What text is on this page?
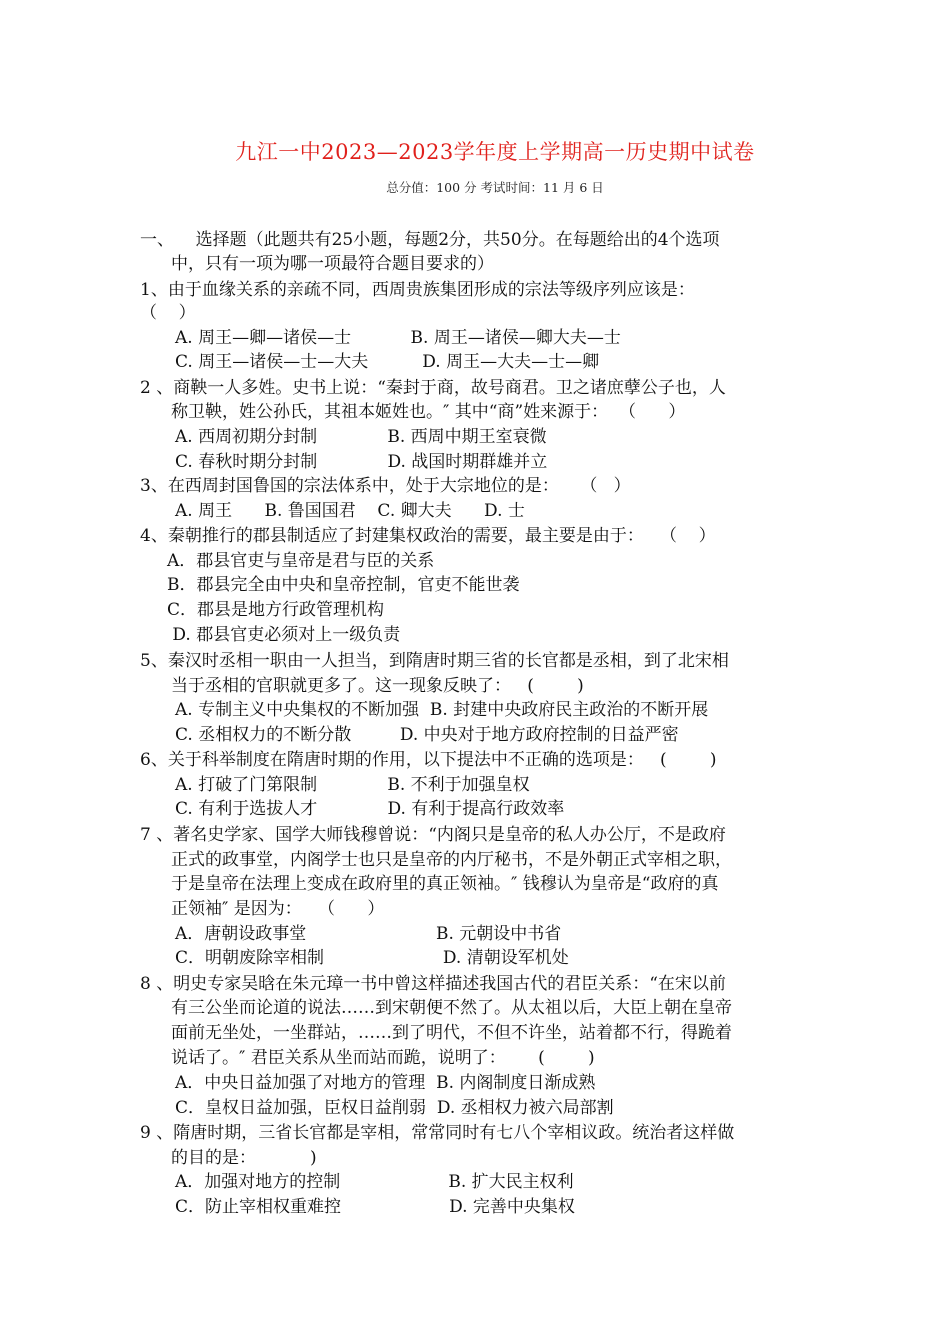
九江一中2023—2023学年度上学期高一历史期中试卷
总分值：100 分 考试时间：11 月 6 日
一、    选择题（此题共有25小题，每题2分，共50分。在每题给出的4个选项
中，只有一项为哪一项最符合题目要求的）
1、由于血缘关系的亲疏不同，西周贵族集团形成的宗法等级序列应该是：
（    ）
A. 周王—卿—诸侯—士           B. 周王—诸侯—卿大夫—士
C. 周王—诸侯—士—大夫          D. 周王—大夫—士—卿
2 、商鞅一人多姓。史书上说：“秦封于商，故号商君。卫之诸庶孽公子也，人
称卫鞅，姓公孙氏，其祖本姬姓也。″ 其中“商”姓来源于：  （      ）
A. 西周初期分封制             B. 西周中期王室衰微
C. 春秋时期分封制             D. 战国时期群雄并立
3、在西周封国鲁国的宗法体系中，处于大宗地位的是：    （   ）
A. 周王      B. 鲁国国君    C. 卿大夫      D. 士
4、秦朝推行的郡县制适应了封建集权政治的需要，最主要是由于：   （    ）
A．郡县官吏与皇帝是君与臣的关系
B．郡县完全由中央和皇帝控制，官吏不能世袭
C．郡县是地方行政管理机构
D. 郡县官吏必须对上一级负责
5、秦汉时丞相一职由一人担当，到隋唐时期三省的长官都是丞相，到了北宋相
当于丞相的官职就更多了。这一现象反映了：   (        )
A. 专制主义中央集权的不断加强  B. 封建中央政府民主政治的不断开展
C. 丞相权力的不断分散         D. 中央对于地方政府控制的日益严密
6、关于科举制度在隋唐时期的作用，以下提法中不正确的选项是：   (        )
A. 打破了门第限制             B. 不利于加强皇权
C. 有利于选拔人才             D. 有利于提高行政效率
7 、著名史学家、国学大师钱穆曾说：“内阁只是皇帝的私人办公厅，不是政府
正式的政事堂，内阁学士也只是皇帝的内厅秘书，不是外朝正式宰相之职，
于是皇帝在法理上变成在政府里的真正领袖。″ 钱穆认为皇帝是“政府的真
正领袖″ 是因为：   （      ）
A．唐朝设政事堂                        B. 元朝设中书省
C．明朝废除宰相制                      D. 清朝设军机处
8 、明史专家吴晗在朱元璋一书中曾这样描述我国古代的君臣关系：“在宋以前
有三公坐而论道的说法……到宋朝便不然了。从太祖以后，大臣上朝在皇帝
面前无坐处，一坐群站，……到了明代，不但不许坐，站着都不行，得跪着
说话了。″ 君臣关系从坐而站而跪，说明了：      (        )
A．中央日益加强了对地方的管理  B. 内阁制度日渐成熟
C．皇权日益加强，臣权日益削弱  D. 丞相权力被六局部割
9 、隋唐时期，三省长官都是宰相，常常同时有七八个宰相议政。统治者这样做
的目的是：          )
A．加强对地方的控制                    B. 扩大民主权利
C．防止宰相权重难控                    D. 完善中央集权
